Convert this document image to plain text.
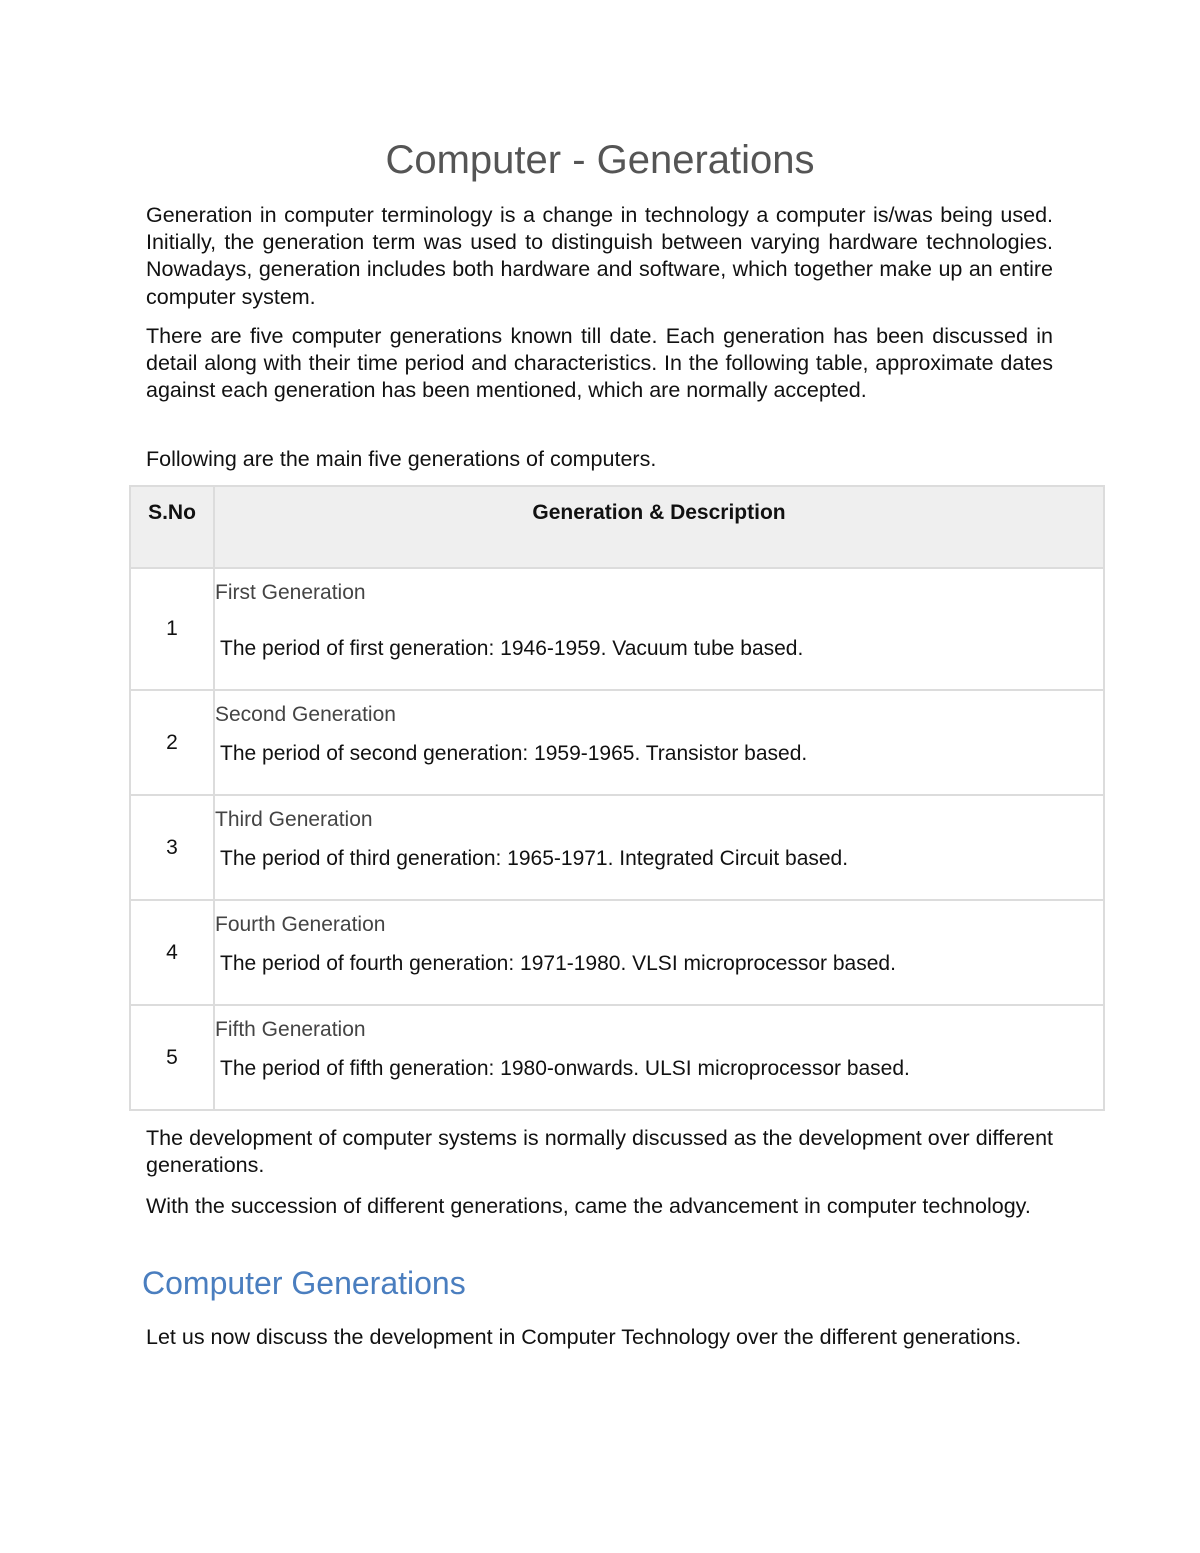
Computer - Generations

Generation in computer terminology is a change in technology a computer is/was being used. Initially, the generation term was used to distinguish between varying hardware technologies. Nowadays, generation includes both hardware and software, which together make up an entire computer system.

There are five computer generations known till date. Each generation has been discussed in detail along with their time period and characteristics. In the following table, approximate dates against each generation has been mentioned, which are normally accepted.

Following are the main five generations of computers.

S.No	Generation & Description
1	First Generation
The period of first generation: 1946-1959. Vacuum tube based.

2	Second Generation
The period of second generation: 1959-1965. Transistor based.

3	Third Generation
The period of third generation: 1965-1971. Integrated Circuit based.

4	Fourth Generation
The period of fourth generation: 1971-1980. VLSI microprocessor based.

5	Fifth Generation
The period of fifth generation: 1980-onwards. ULSI microprocessor based.

The development of computer systems is normally discussed as the development over different generations.

With the succession of different generations, came the advancement in computer technology.

Computer Generations

Let us now discuss the development in Computer Technology over the different generations.
